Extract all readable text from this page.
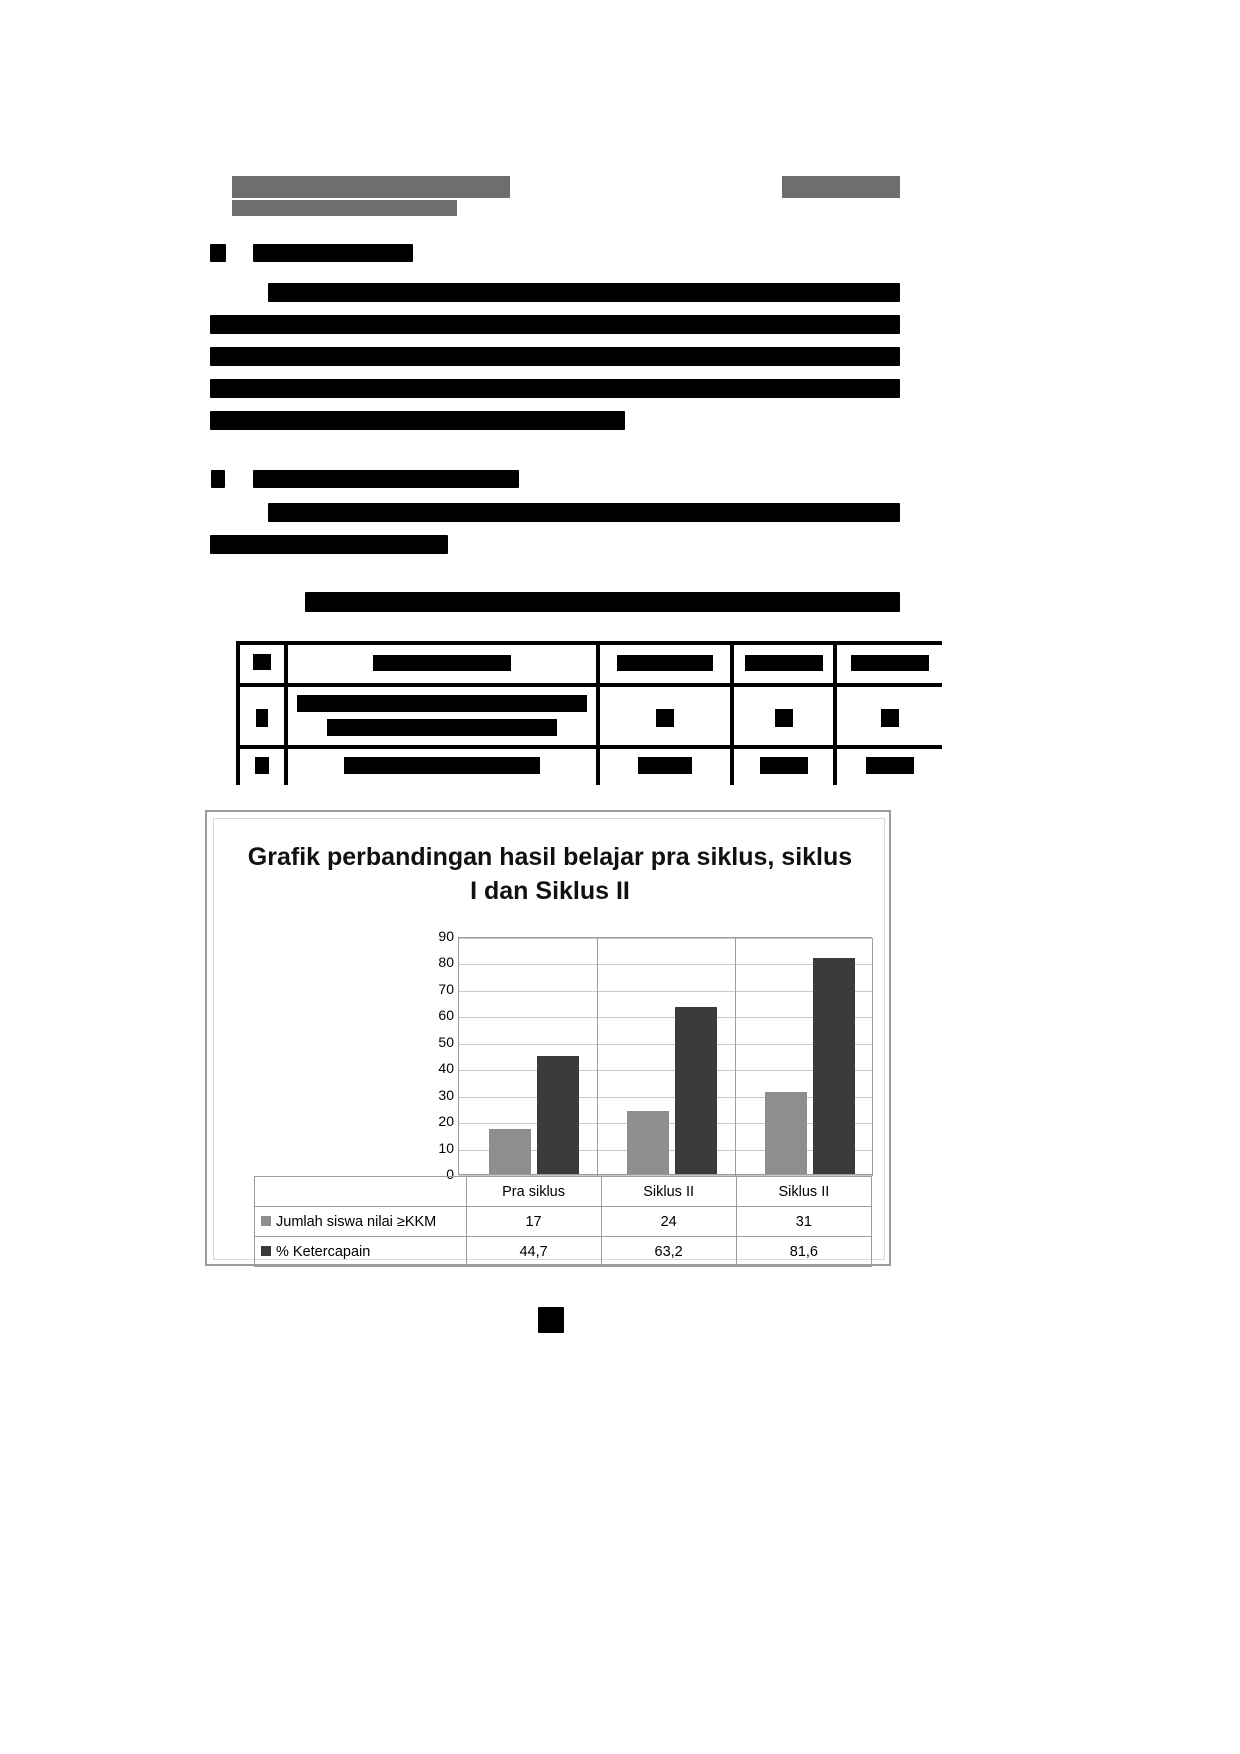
Grafik perbandingan hasil belajar pra siklus, siklus I dan Siklus II
90
80
70
60
50
40
30
20
10
0
	Pra siklus	Siklus II	Siklus II
Jumlah siswa nilai ≥KKM	17	24	31
% Ketercapain	44,7	63,2	81,6
